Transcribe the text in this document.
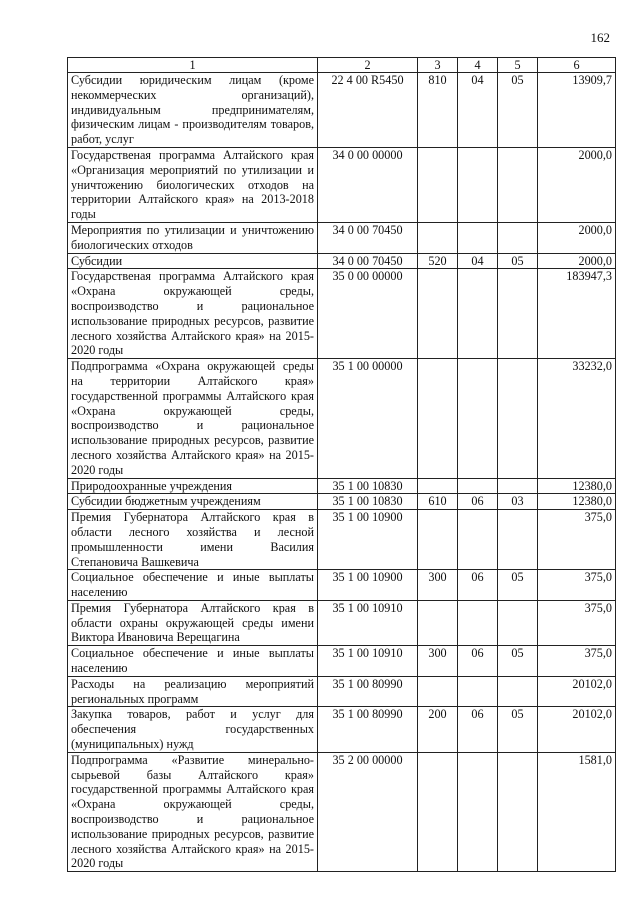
162
1	2	3	4	5	6
Субсидии юридическим лицам (кроме некоммерческих организаций), индивидуальным предпринимателям, физическим лицам - производителям товаров, работ, услуг	22 4 00 R5450	810	04	05	13909,7
Государственая программа Алтайского края «Организация мероприятий по утилизации и уничтожению биологических отходов на территории Алтайского края» на 2013-2018 годы	34 0 00 00000				2000,0
Мероприятия по утилизации и уничтожению биологических отходов	34 0 00 70450				2000,0
Субсидии	34 0 00 70450	520	04	05	2000,0
Государственая программа Алтайского края «Охрана окружающей среды, воспроизводство и рациональное использование природных ресурсов, развитие лесного хозяйства Алтайского края» на 2015-2020 годы	35 0 00 00000				183947,3
Подпрограмма «Охрана окружающей среды на территории Алтайского края» государственной программы Алтайского края «Охрана окружающей среды, воспроизводство и рациональное использование природных ресурсов, развитие лесного хозяйства Алтайского края» на 2015-2020 годы	35 1 00 00000				33232,0
Природоохранные учреждения	35 1 00 10830				12380,0
Субсидии бюджетным учреждениям	35 1 00 10830	610	06	03	12380,0
Премия Губернатора Алтайского края в области лесного хозяйства и лесной промышленности имени Василия Степановича Вашкевича	35 1 00 10900				375,0
Социальное обеспечение и иные выплаты населению	35 1 00 10900	300	06	05	375,0
Премия Губернатора Алтайского края в области охраны окружающей среды имени Виктора Ивановича Верещагина	35 1 00 10910				375,0
Социальное обеспечение и иные выплаты населению	35 1 00 10910	300	06	05	375,0
Расходы на реализацию мероприятий региональных программ	35 1 00 80990				20102,0
Закупка товаров, работ и услуг для обеспечения государственных (муниципальных) нужд	35 1 00 80990	200	06	05	20102,0
Подпрограмма «Развитие минерально-сырьевой базы Алтайского края» государственной программы Алтайского края «Охрана окружающей среды, воспроизводство и рациональное использование природных ресурсов, развитие лесного хозяйства Алтайского края» на 2015-2020 годы	35 2 00 00000				1581,0
